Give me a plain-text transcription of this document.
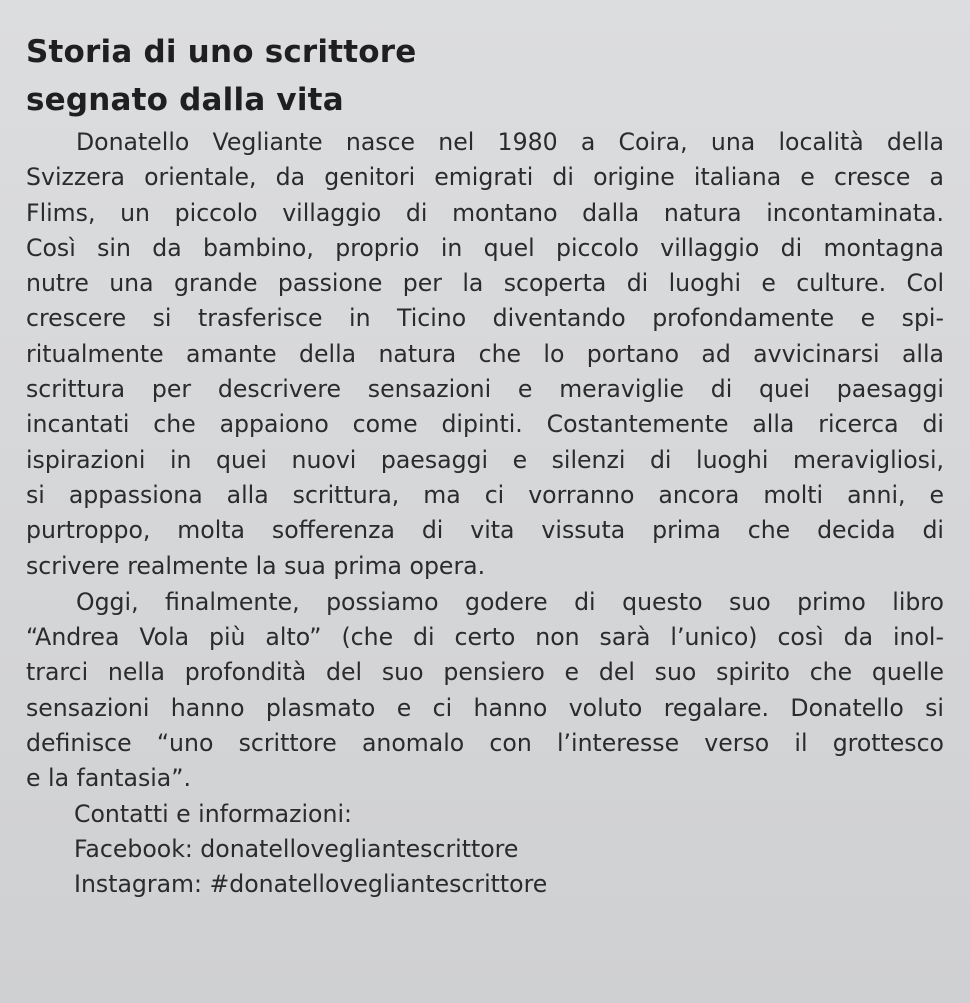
Storia di uno scrittore
segnato dalla vita
Donatello Vegliante nasce nel 1980 a Coira, una località della
Svizzera orientale, da genitori emigrati di origine italiana e cresce a
Flims, un piccolo villaggio di montano dalla natura incontaminata.
Così sin da bambino, proprio in quel piccolo villaggio di montagna
nutre una grande passione per la scoperta di luoghi e culture. Col
crescere si trasferisce in Ticino diventando profondamente e spi-
ritualmente amante della natura che lo portano ad avvicinarsi alla
scrittura per descrivere sensazioni e meraviglie di quei paesaggi
incantati che appaiono come dipinti. Costantemente alla ricerca di
ispirazioni in quei nuovi paesaggi e silenzi di luoghi meravigliosi,
si appassiona alla scrittura, ma ci vorranno ancora molti anni, e
purtroppo, molta sofferenza di vita vissuta prima che decida di
scrivere realmente la sua prima opera.
Oggi, finalmente, possiamo godere di questo suo primo libro
“Andrea Vola più alto” (che di certo non sarà l’unico) così da inol-
trarci nella profondità del suo pensiero e del suo spirito che quelle
sensazioni hanno plasmato e ci hanno voluto regalare. Donatello si
definisce “uno scrittore anomalo con l’interesse verso il grottesco
e la fantasia”.
Contatti e informazioni:
Facebook: donatellovegliantescrittore
Instagram: #donatellovegliantescrittore
